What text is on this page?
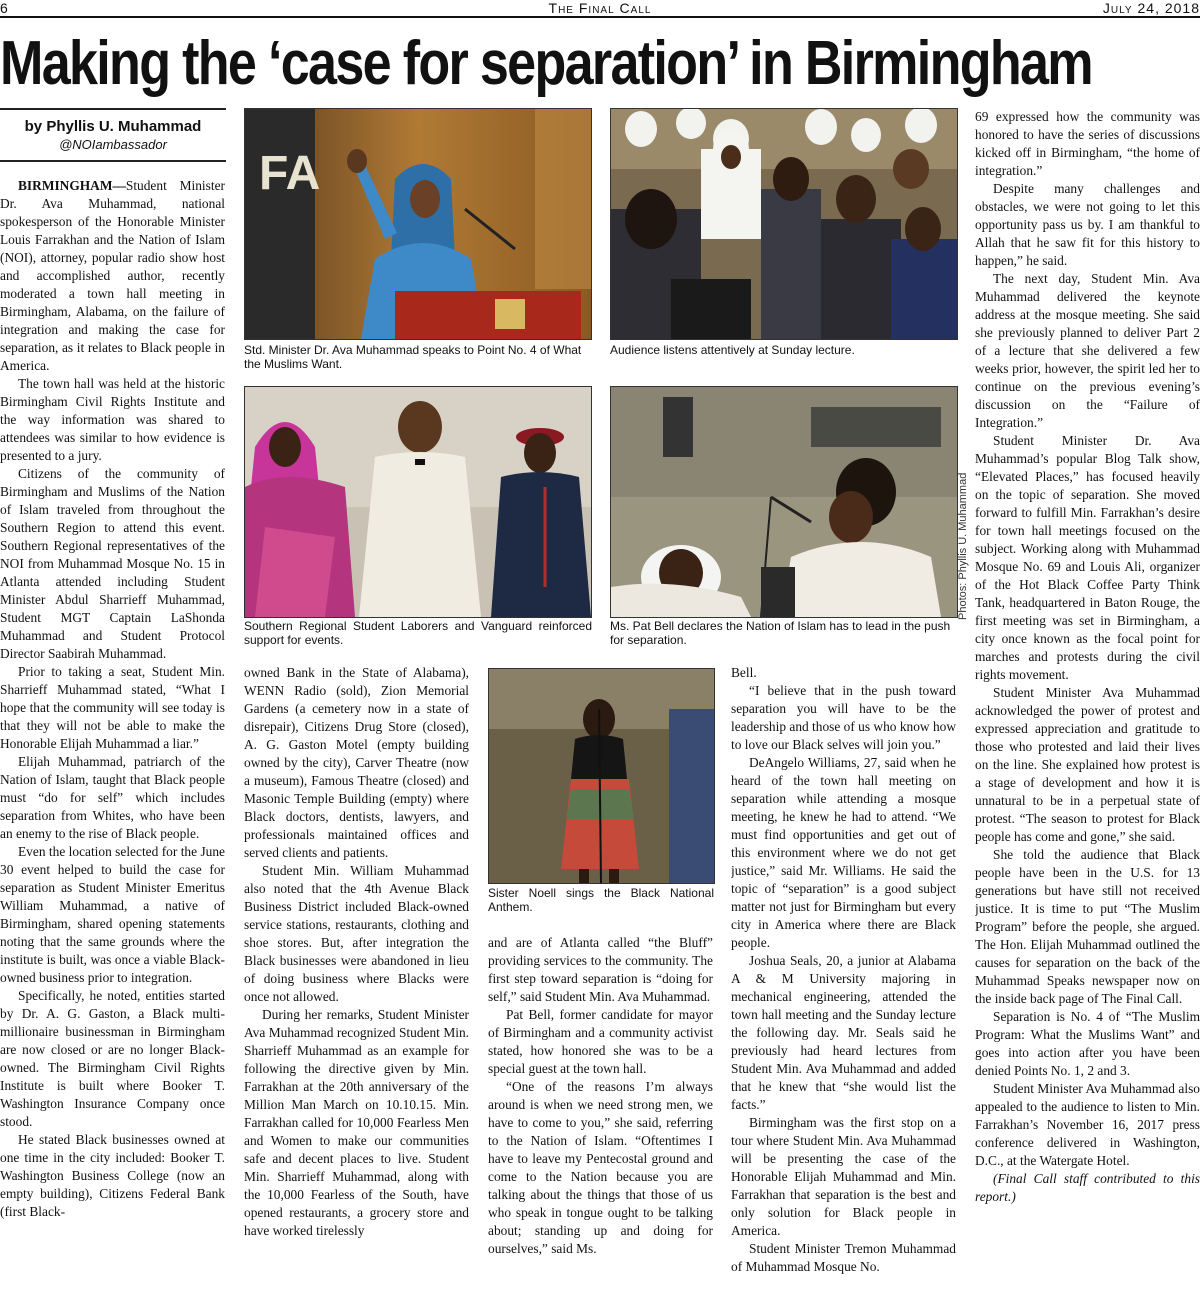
6	The Final Call	July 24, 2018
Making the ‘case for separation’ in Birmingham
by Phyllis U. Muhammad
@NOIambassador
FA
Std. Minister Dr. Ava Muhammad speaks to Point No. 4 of What the Muslims Want.
Audience listens attentively at Sunday lecture.
Southern Regional Student Laborers and Vanguard reinforced support for events.
Ms. Pat Bell declares the Nation of Islam has to lead in the push for separation.
Photos: Phyllis U. Muhammad
Sister Noell sings the Black National Anthem.

BIRMINGHAM—Student Minister Dr. Ava Muhammad, national spokesperson of the Honorable Minister Louis Farrakhan and the Nation of Islam (NOI), attorney, popular radio show host and accomplished author, recently moderated a town hall meeting in Birmingham, Alabama, on the failure of integration and making the case for separation, as it relates to Black people in America.

The town hall was held at the historic Birmingham Civil Rights Institute and the way information was shared to attendees was similar to how evidence is presented to a jury.

Citizens of the community of Birmingham and Muslims of the Nation of Islam traveled from throughout the Southern Region to attend this event. Southern Regional representatives of the NOI from Muhammad Mosque No. 15 in Atlanta attended including Student Minister Abdul Sharrieff Muhammad, Student MGT Captain LaShonda Muhammad and Student Protocol Director Saabirah Muhammad.

Prior to taking a seat, Student Min. Sharrieff Muhammad stated, “What I hope that the community will see today is that they will not be able to make the Honorable Elijah Muhammad a liar.”

Elijah Muhammad, patriarch of the Nation of Islam, taught that Black people must “do for self” which includes separation from Whites, who have been an enemy to the rise of Black people.

Even the location selected for the June 30 event helped to build the case for separation as Student Minister Emeritus William Muhammad, a native of Birmingham, shared opening statements noting that the same grounds where the institute is built, was once a viable Black-owned business prior to integration.

Specifically, he noted, entities started by Dr. A. G. Gaston, a Black multi-millionaire businessman in Birmingham are now closed or are no longer Black-owned. The Birmingham Civil Rights Institute is built where Booker T. Washington Insurance Company once stood.

He stated Black businesses owned at one time in the city included: Booker T. Washington Business College (now an empty building), Citizens Federal Bank (first Black-

owned Bank in the State of Alabama), WENN Radio (sold), Zion Memorial Gardens (a cemetery now in a state of disrepair), Citizens Drug Store (closed), A. G. Gaston Motel (empty building owned by the city), Carver Theatre (now a museum), Famous Theatre (closed) and Masonic Temple Building (empty) where Black doctors, dentists, lawyers, and professionals maintained offices and served clients and patients.

Student Min. William Muhammad also noted that the 4th Avenue Black Business District included Black-owned service stations, restaurants, clothing and shoe stores. But, after integration the Black businesses were abandoned in lieu of doing business where Blacks were once not allowed.

During her remarks, Student Minister Ava Muhammad recognized Student Min. Sharrieff Muhammad as an example for following the directive given by Min. Farrakhan at the 20th anniversary of the Million Man March on 10.10.15. Min. Farrakhan called for 10,000 Fearless Men and Women to make our communities safe and decent places to live. Student Min. Sharrieff Muhammad, along with the 10,000 Fearless of the South, have opened restaurants, a grocery store and have worked tirelessly

and are of Atlanta called “the Bluff” providing services to the community. The first step toward separation is “doing for self,” said Student Min. Ava Muhammad.

Pat Bell, former candidate for mayor of Birmingham and a community activist stated, how honored she was to be a special guest at the town hall.

“One of the reasons I’m always around is when we need strong men, we have to come to you,” she said, referring to the Nation of Islam. “Oftentimes I have to leave my Pentecostal ground and come to the Nation because you are talking about the things that those of us who speak in tongue ought to be talking about; standing up and doing for ourselves,” said Ms.

Bell.

“I believe that in the push toward separation you will have to be the leadership and those of us who know how to love our Black selves will join you.”

DeAngelo Williams, 27, said when he heard of the town hall meeting on separation while attending a mosque meeting, he knew he had to attend. “We must find opportunities and get out of this environment where we do not get justice,” said Mr. Williams. He said the topic of “separation” is a good subject matter not just for Birmingham but every city in America where there are Black people.

Joshua Seals, 20, a junior at Alabama A & M University majoring in mechanical engineering, attended the town hall meeting and the Sunday lecture the following day. Mr. Seals said he previously had heard lectures from Student Min. Ava Muhammad and added that he knew that “she would list the facts.”

Birmingham was the first stop on a tour where Student Min. Ava Muhammad will be presenting the case of the Honorable Elijah Muhammad and Min. Farrakhan that separation is the best and only solution for Black people in America.

Student Minister Tremon Muhammad of Muhammad Mosque No.

69 expressed how the community was honored to have the series of discussions kicked off in Birmingham, “the home of integration.”

Despite many challenges and obstacles, we were not going to let this opportunity pass us by. I am thankful to Allah that he saw fit for this history to happen,” he said.

The next day, Student Min. Ava Muhammad delivered the keynote address at the mosque meeting. She said she previously planned to deliver Part 2 of a lecture that she delivered a few weeks prior, however, the spirit led her to continue on the previous evening’s discussion on the “Failure of Integration.”

Student Minister Dr. Ava Muhammad’s popular Blog Talk show, “Elevated Places,” has focused heavily on the topic of separation. She moved forward to fulfill Min. Farrakhan’s desire for town hall meetings focused on the subject. Working along with Muhammad Mosque No. 69 and Louis Ali, organizer of the Hot Black Coffee Party Think Tank, headquartered in Baton Rouge, the first meeting was set in Birmingham, a city once known as the focal point for marches and protests during the civil rights movement.

Student Minister Ava Muhammad acknowledged the power of protest and expressed appreciation and gratitude to those who protested and laid their lives on the line. She explained how protest is a stage of development and how it is unnatural to be in a perpetual state of protest. “The season to protest for Black people has come and gone,” she said.

She told the audience that Black people have been in the U.S. for 13 generations but have still not received justice. It is time to put “The Muslim Program” before the people, she argued. The Hon. Elijah Muhammad outlined the causes for separation on the back of the Muhammad Speaks newspaper now on the inside back page of The Final Call.

Separation is No. 4 of “The Muslim Program: What the Muslims Want” and goes into action after you have been denied Points No. 1, 2 and 3.

Student Minister Ava Muhammad also appealed to the audience to listen to Min. Farrakhan’s November 16, 2017 press conference delivered in Washington, D.C., at the Watergate Hotel.

(Final Call staff contributed to this report.)
